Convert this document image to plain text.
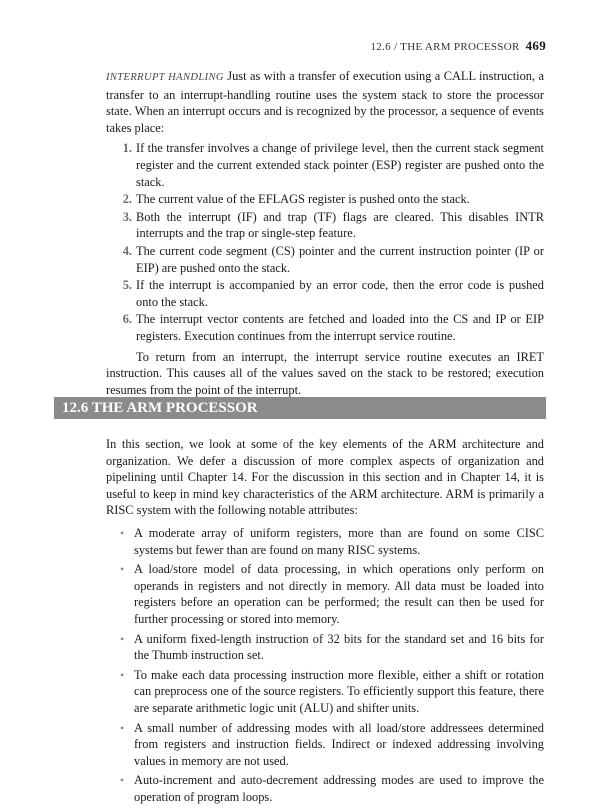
12.6 / THE ARM PROCESSOR 469

INTERRUPT HANDLING Just as with a transfer of execution using a CALL instruction, a transfer to an interrupt-handling routine uses the system stack to store the processor state. When an interrupt occurs and is recognized by the processor, a sequence of events takes place:

1. If the transfer involves a change of privilege level, then the current stack segment register and the current extended stack pointer (ESP) register are pushed onto the stack.
2. The current value of the EFLAGS register is pushed onto the stack.
3. Both the interrupt (IF) and trap (TF) flags are cleared. This disables INTR interrupts and the trap or single-step feature.
4. The current code segment (CS) pointer and the current instruction pointer (IP or EIP) are pushed onto the stack.
5. If the interrupt is accompanied by an error code, then the error code is pushed onto the stack.
6. The interrupt vector contents are fetched and loaded into the CS and IP or EIP registers. Execution continues from the interrupt service routine.

To return from an interrupt, the interrupt service routine executes an IRET instruction. This causes all of the values saved on the stack to be restored; execution resumes from the point of the interrupt.

12.6 THE ARM PROCESSOR

In this section, we look at some of the key elements of the ARM architecture and organization. We defer a discussion of more complex aspects of organization and pipelining until Chapter 14. For the discussion in this section and in Chapter 14, it is useful to keep in mind key characteristics of the ARM architecture. ARM is primarily a RISC system with the following notable attributes:

• A moderate array of uniform registers, more than are found on some CISC systems but fewer than are found on many RISC systems.
• A load/store model of data processing, in which operations only perform on operands in registers and not directly in memory. All data must be loaded into registers before an operation can be performed; the result can then be used for further processing or stored into memory.
• A uniform fixed-length instruction of 32 bits for the standard set and 16 bits for the Thumb instruction set.
• To make each data processing instruction more flexible, either a shift or rotation can preprocess one of the source registers. To efficiently support this feature, there are separate arithmetic logic unit (ALU) and shifter units.
• A small number of addressing modes with all load/store addressees determined from registers and instruction fields. Indirect or indexed addressing involving values in memory are not used.
• Auto-increment and auto-decrement addressing modes are used to improve the operation of program loops.
